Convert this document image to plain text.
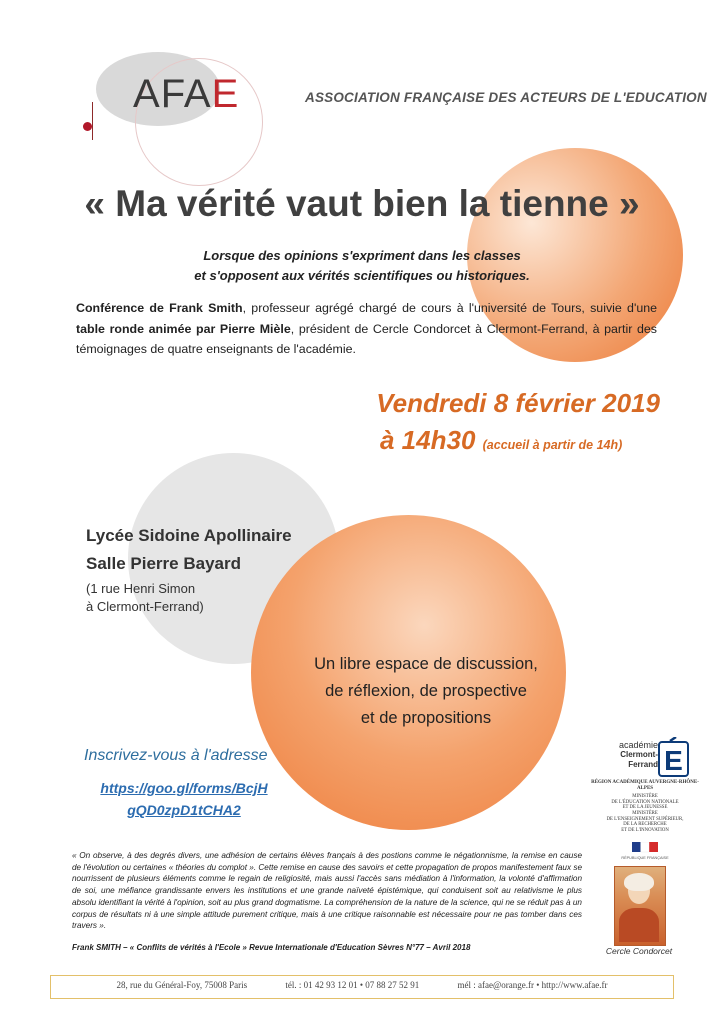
AFAE	ASSOCIATION FRANÇAISE DES ACTEURS DE L'EDUCATION
« Ma vérité vaut bien la tienne »
Lorsque des opinions s'expriment dans les classes
et s'opposent aux vérités scientifiques ou historiques.
Conférence de Frank Smith, professeur agrégé chargé de cours à l'université de Tours, suivie d'une table ronde animée par Pierre Mièle, président de Cercle Condorcet à Clermont-Ferrand, à partir des témoignages de quatre enseignants de l'académie.
Vendredi 8 février 2019
à 14h30 (accueil à partir de 14h)
Lycée Sidoine Apollinaire
Salle Pierre Bayard
(1 rue Henri Simon
à Clermont-Ferrand)
Un libre espace de discussion,
de réflexion, de prospective
et de propositions
Inscrivez-vous à l'adresse
https://goo.gl/forms/BcjH
gQD0zpD1tCHA2
« On observe, à des degrés divers, une adhésion de certains élèves français à des postions comme le négationnisme, la remise en cause de l'évolution ou certaines « théories du complot ». Cette remise en cause des savoirs et cette propagation de propos manifestement faux se nourrissent de plusieurs éléments comme le regain de religiosité, mais aussi l'accès sans médiation à l'information, la volonté d'affirmation de soi, une méfiance grandissante envers les institutions et une grande naïveté épistémique, qui conduisent soit au relativisme le plus absolu identifiant la vérité à l'opinion, soit au plus grand dogmatisme. La compréhension de la nature de la science, qui ne se réduit pas à un corpus de résultats ni à une simple attitude purement critique, mais à une critique raisonnable est nécessaire pour ne pas tomber dans ces travers ».
Frank SMITH – « Conflits de vérités à l'Ecole » Revue Internationale d'Education Sèvres N°77 – Avril 2018
académie
Clermont-Ferrand E
RÉGION ACADÉMIQUE AUVERGNE-RHÔNE-ALPES
MINISTÈRE
DE L'ÉDUCATION NATIONALE
ET DE LA JEUNESSE
MINISTÈRE
DE L'ENSEIGNEMENT SUPÉRIEUR,
DE LA RECHERCHE
ET DE L'INNOVATION
RÉPUBLIQUE FRANÇAISE
Cercle Condorcet
28, rue du Général-Foy, 75008 Paris	tél. : 01 42 93 12 01 • 07 88 27 52 91	mél : afae@orange.fr • http://www.afae.fr
